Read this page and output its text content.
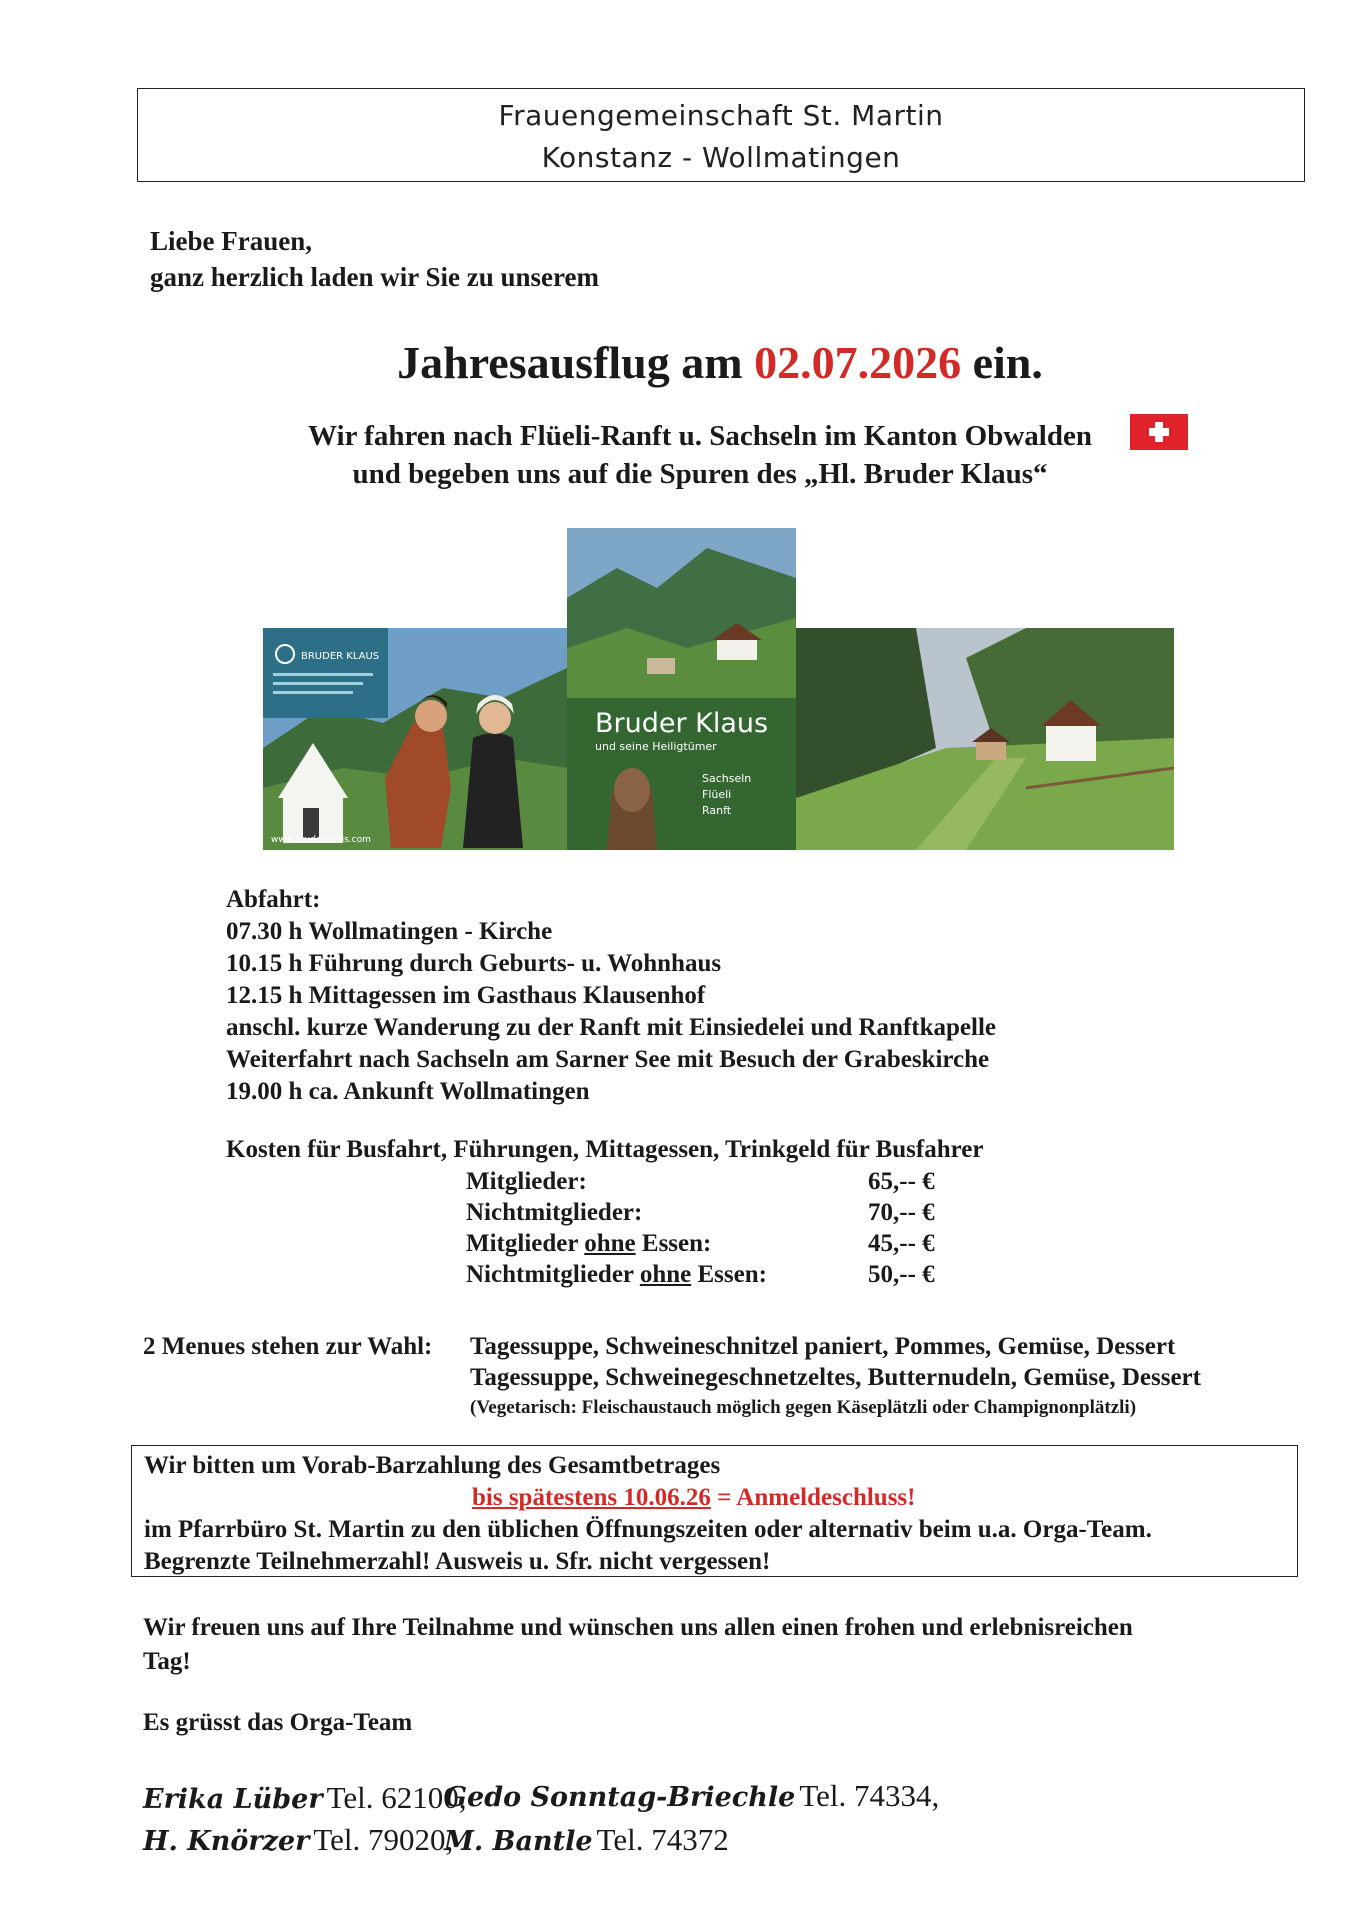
Frauengemeinschaft St. Martin
Konstanz - Wollmatingen
Liebe Frauen,
ganz herzlich laden wir Sie zu unserem
Jahresausflug am 02.07.2026 ein.
Wir fahren nach Flüeli-Ranft u. Sachseln im Kanton Obwalden
und begeben uns auf die Spuren des „Hl. Bruder Klaus“
BRUDER KLAUS
www.bruderklaus.com
Bruder Klaus
und seine Heiligtümer
Sachseln
Flüeli
Ranft
Abfahrt:
07.30 h Wollmatingen - Kirche
10.15 h Führung durch Geburts- u. Wohnhaus
12.15 h Mittagessen im Gasthaus Klausenhof
anschl. kurze Wanderung zu der Ranft mit Einsiedelei und Ranftkapelle
Weiterfahrt nach Sachseln am Sarner See mit Besuch der Grabeskirche
19.00 h ca. Ankunft Wollmatingen
Kosten für Busfahrt, Führungen, Mittagessen, Trinkgeld für Busfahrer
Mitglieder:	65,-- €
Nichtmitglieder:	70,-- €
Mitglieder ohne Essen:	45,-- €
Nichtmitglieder ohne Essen:	50,-- €
2 Menues stehen zur Wahl: Tagessuppe, Schweineschnitzel paniert, Pommes, Gemüse, Dessert
Tagessuppe, Schweinegeschnetzeltes, Butternudeln, Gemüse, Dessert
(Vegetarisch: Fleischaustauch möglich gegen Käseplätzli oder Champignonplätzli)
Wir bitten um Vorab-Barzahlung des Gesamtbetrages
bis spätestens 10.06.26 = Anmeldeschluss!
im Pfarrbüro St. Martin zu den üblichen Öffnungszeiten oder alternativ beim u.a. Orga-Team.
Begrenzte Teilnehmerzahl! Ausweis u. Sfr. nicht vergessen!
Wir freuen uns auf Ihre Teilnahme und wünschen uns allen einen frohen und erlebnisreichen
Tag!
Es grüsst das Orga-Team
Erika Lüber Tel. 62100,
Gedo Sonntag-Briechle Tel. 74334,
H. Knörzer Tel. 79020,
M. Bantle Tel. 74372
